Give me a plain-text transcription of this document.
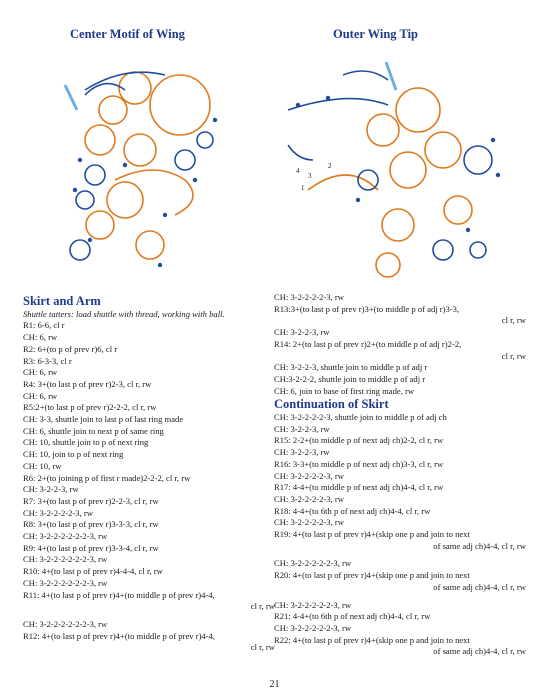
Center Motif of Wing	Outer Wing Tip
1
2
3
4
Skirt and Arm
Shuttle tatters: load shuttle with thread, working with ball.
R1: 6-6, cl r
CH: 6, rw
R2: 6+(to p of prev r)6, cl r
R3: 6-3-3, cl r
CH: 6, rw
R4: 3+(to last p of prev r)2-3, cl r, rw
CH: 6, rw
R5:2+(to last p of prev r)2-2-2, cl r, rw
CH: 3-3, shuttle join to last p of last ring made
CH: 6, shuttle join to next p of same ring
CH: 10, shuttle join to p of next ring
CH: 10, join to p of next ring
CH: 10, rw
R6: 2+(to joining p of first r made)2-2-2, cl r, rw
CH: 3-2-2-3, rw
R7: 3+(to last p of prev r)2-2-3, cl r, rw
CH: 3-2-2-2-2-3, rw
R8: 3+(to last p of prev r)3-3-3, cl r, rw
CH: 3-2-2-2-2-2-2-3, rw
R9: 4+(to last p of prev r)3-3-4, cl r, rw
CH: 3-2-2-2-2-2-2-3, rw
R10: 4+(to last p of prev r)4-4-4, cl r, rw
CH: 3-2-2-2-2-2-2-3, rw
R11: 4+(to last p of prev r)4+(to middle p of prev r)4-4,
cl r, rw
CH: 3-2-2-2-2-2-2-3, rw
R12: 4+(to last p of prev r)4+(to middle p of prev r)4-4,
cl r, rw
CH: 3-2-2-2-2-3, rw
R13:3+(to last p of prev r)3+(to middle p of adj r)3-3,
cl r, rw
CH: 3-2-2-3, rw
R14: 2+(to last p of prev r)2+(to middle p of adj r)2-2,
cl r, rw
CH: 3-2-2-3, shuttle join to middle p of adj r
CH:3-2-2-2, shuttle join to middle p of adj r
CH: 6, join to base of first ring made, rw
Continuation of Skirt
CH: 3-2-2-2-2-3, shuttle join to middle p of adj ch
CH: 3-2-2-3, rw
R15: 2-2+(to middle p of next adj ch)2-2, cl r, rw
CH: 3-2-2-3, rw
R16: 3-3+(to middle p of next adj ch)3-3, cl r, rw
CH: 3-2-2-2-2-3, rw
R17: 4-4+(to middle p of next adj ch)4-4, cl r, rw
CH: 3-2-2-2-2-3, rw
R18: 4-4+(to 6th p of next adj ch)4-4, cl r, rw
CH: 3-2-2-2-2-3, rw
R19: 4+(to last p of prev r)4+(skip one p and join to next
of same adj ch)4-4, cl r, rw
CH: 3-2-2-2-2-2-3, rw
R20: 4+(to last p of prev r)4+(skip one p and join to next
of same adj ch)4-4, cl r, rw
CH: 3-2-2-2-2-2-3, rw
R21: 4-4+(to 6th p of next adj ch)4-4, cl r, rw
CH: 3-2-2-2-2-2-3, rw
R22: 4+(to last p of prev r)4+(skip one p and join to next
of same adj ch)4-4, cl r, rw
21
